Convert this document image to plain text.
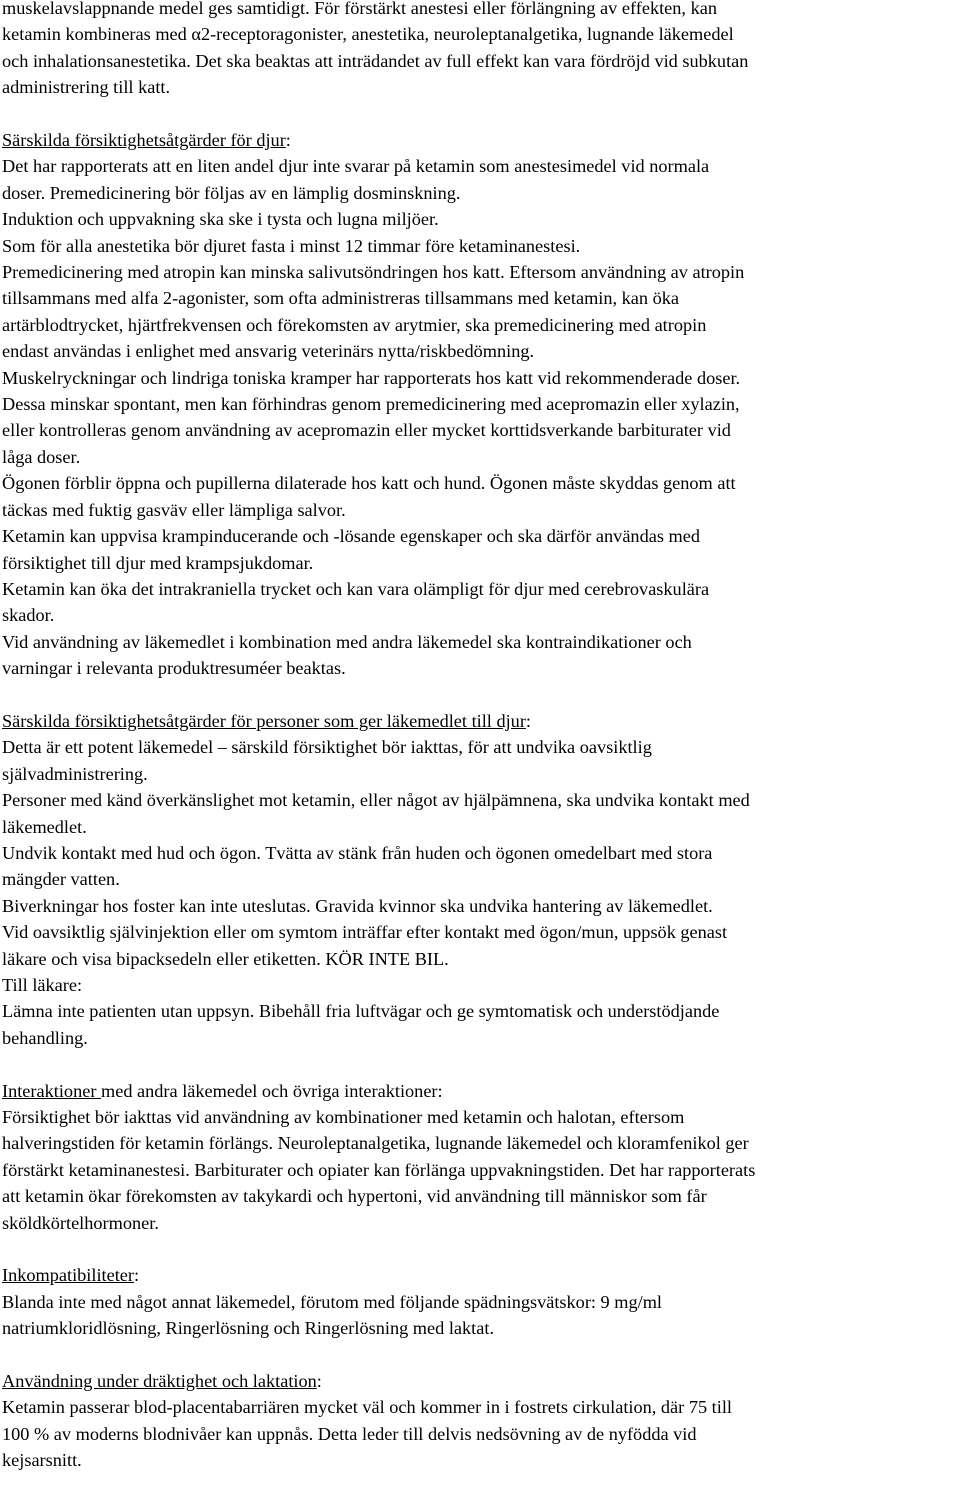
muskelavslappnande medel ges samtidigt. För förstärkt anestesi eller förlängning av effekten, kan
ketamin kombineras med α2-receptoragonister, anestetika, neuroleptanalgetika, lugnande läkemedel
och inhalationsanestetika. Det ska beaktas att inträdandet av full effekt kan vara fördröjd vid subkutan
administrering till katt.
Särskilda försiktighetsåtgärder för djur:
Det har rapporterats att en liten andel djur inte svarar på ketamin som anestesimedel vid normala
doser. Premedicinering bör följas av en lämplig dosminskning.
Induktion och uppvakning ska ske i tysta och lugna miljöer.
Som för alla anestetika bör djuret fasta i minst 12 timmar före ketaminanestesi.
Premedicinering med atropin kan minska salivutsöndringen hos katt. Eftersom användning av atropin
tillsammans med alfa 2-agonister, som ofta administreras tillsammans med ketamin, kan öka
artärblodtrycket, hjärtfrekvensen och förekomsten av arytmier, ska premedicinering med atropin
endast användas i enlighet med ansvarig veterinärs nytta/riskbedömning.
Muskelryckningar och lindriga toniska kramper har rapporterats hos katt vid rekommenderade doser.
Dessa minskar spontant, men kan förhindras genom premedicinering med acepromazin eller xylazin,
eller kontrolleras genom användning av acepromazin eller mycket korttidsverkande barbiturater vid
låga doser.
Ögonen förblir öppna och pupillerna dilaterade hos katt och hund. Ögonen måste skyddas genom att
täckas med fuktig gasväv eller lämpliga salvor.
Ketamin kan uppvisa krampinducerande och -lösande egenskaper och ska därför användas med
försiktighet till djur med krampsjukdomar.
Ketamin kan öka det intrakraniella trycket och kan vara olämpligt för djur med cerebrovaskulära
skador.
Vid användning av läkemedlet i kombination med andra läkemedel ska kontraindikationer och
varningar i relevanta produktresuméer beaktas.
Särskilda försiktighetsåtgärder för personer som ger läkemedlet till djur:
Detta är ett potent läkemedel – särskild försiktighet bör iakttas, för att undvika oavsiktlig
självadministrering.
Personer med känd överkänslighet mot ketamin, eller något av hjälpämnena, ska undvika kontakt med
läkemedlet.
Undvik kontakt med hud och ögon. Tvätta av stänk från huden och ögonen omedelbart med stora
mängder vatten.
Biverkningar hos foster kan inte uteslutas. Gravida kvinnor ska undvika hantering av läkemedlet.
Vid oavsiktlig självinjektion eller om symtom inträffar efter kontakt med ögon/mun, uppsök genast
läkare och visa bipacksedeln eller etiketten. KÖR INTE BIL.
Till läkare:
Lämna inte patienten utan uppsyn. Bibehåll fria luftvägar och ge symtomatisk och understödjande
behandling.
Interaktioner med andra läkemedel och övriga interaktioner:
Försiktighet bör iakttas vid användning av kombinationer med ketamin och halotan, eftersom
halveringstiden för ketamin förlängs. Neuroleptanalgetika, lugnande läkemedel och kloramfenikol ger
förstärkt ketaminanestesi. Barbiturater och opiater kan förlänga uppvakningstiden. Det har rapporterats
att ketamin ökar förekomsten av takykardi och hypertoni, vid användning till människor som får
sköldkörtelhormoner.
Inkompatibiliteter:
Blanda inte med något annat läkemedel, förutom med följande spädningsvätskor: 9 mg/ml
natriumkloridlösning, Ringerlösning och Ringerlösning med laktat.
Användning under dräktighet och laktation:
Ketamin passerar blod-placentabarriären mycket väl och kommer in i fostrets cirkulation, där 75 till
100 % av moderns blodnivåer kan uppnås. Detta leder till delvis nedsövning av de nyfödda vid
kejsarsnitt.
